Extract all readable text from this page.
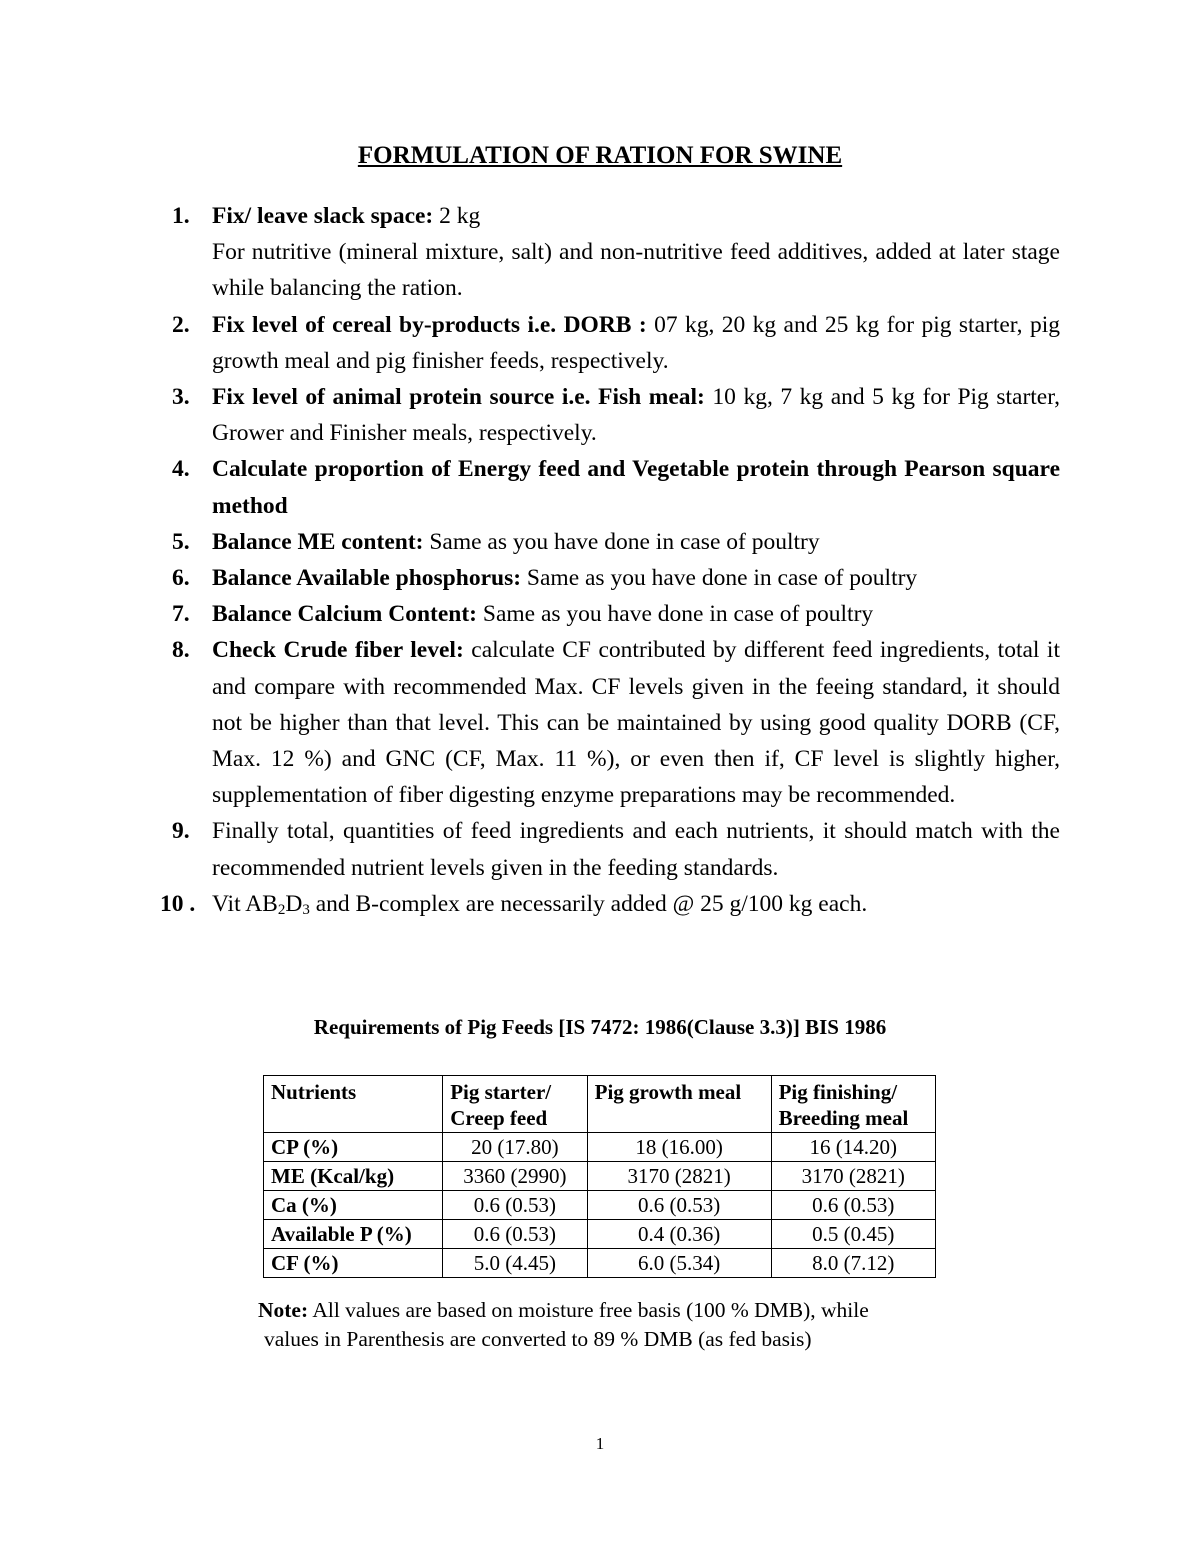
FORMULATION OF RATION FOR SWINE
1. Fix/ leave slack space: 2 kg
For nutritive (mineral mixture, salt) and non-nutritive feed additives, added at later stage while balancing the ration.
2. Fix level of cereal by-products i.e. DORB : 07 kg, 20 kg and 25 kg for pig starter, pig growth meal and pig finisher feeds, respectively.
3. Fix level of animal protein source i.e. Fish meal: 10 kg, 7 kg and 5 kg for Pig starter, Grower and Finisher meals, respectively.
4. Calculate proportion of Energy feed and Vegetable protein through Pearson square method
5. Balance ME content: Same as you have done in case of poultry
6. Balance Available phosphorus: Same as you have done in case of poultry
7. Balance Calcium Content: Same as you have done in case of poultry
8. Check Crude fiber level: calculate CF contributed by different feed ingredients, total it and compare with recommended Max. CF levels given in the feeing standard, it should not be higher than that level. This can be maintained by using good quality DORB (CF, Max. 12 %) and GNC (CF, Max. 11 %), or even then if, CF level is slightly higher, supplementation of fiber digesting enzyme preparations may be recommended.
9. Finally total, quantities of feed ingredients and each nutrients, it should match with the recommended nutrient levels given in the feeding standards.
10 . Vit $AB_2D_3$ and B-complex are necessarily added @ 25 g/100 kg each.
Requirements of Pig Feeds [IS 7472: 1986(Clause 3.3)] BIS 1986
Nutrients	Pig starter/ Creep feed	Pig growth meal	Pig finishing/ Breeding meal
CP (%)	20 (17.80)	18 (16.00)	16 (14.20)
ME (Kcal/kg)	3360 (2990)	3170 (2821)	3170 (2821)
Ca (%)	0.6 (0.53)	0.6 (0.53)	0.6 (0.53)
Available P (%)	0.6 (0.53)	0.4 (0.36)	0.5 (0.45)
CF (%)	5.0 (4.45)	6.0 (5.34)	8.0 (7.12)
Note: All values are based on moisture free basis (100 % DMB), while
values in Parenthesis are converted to 89 % DMB (as fed basis)
1
